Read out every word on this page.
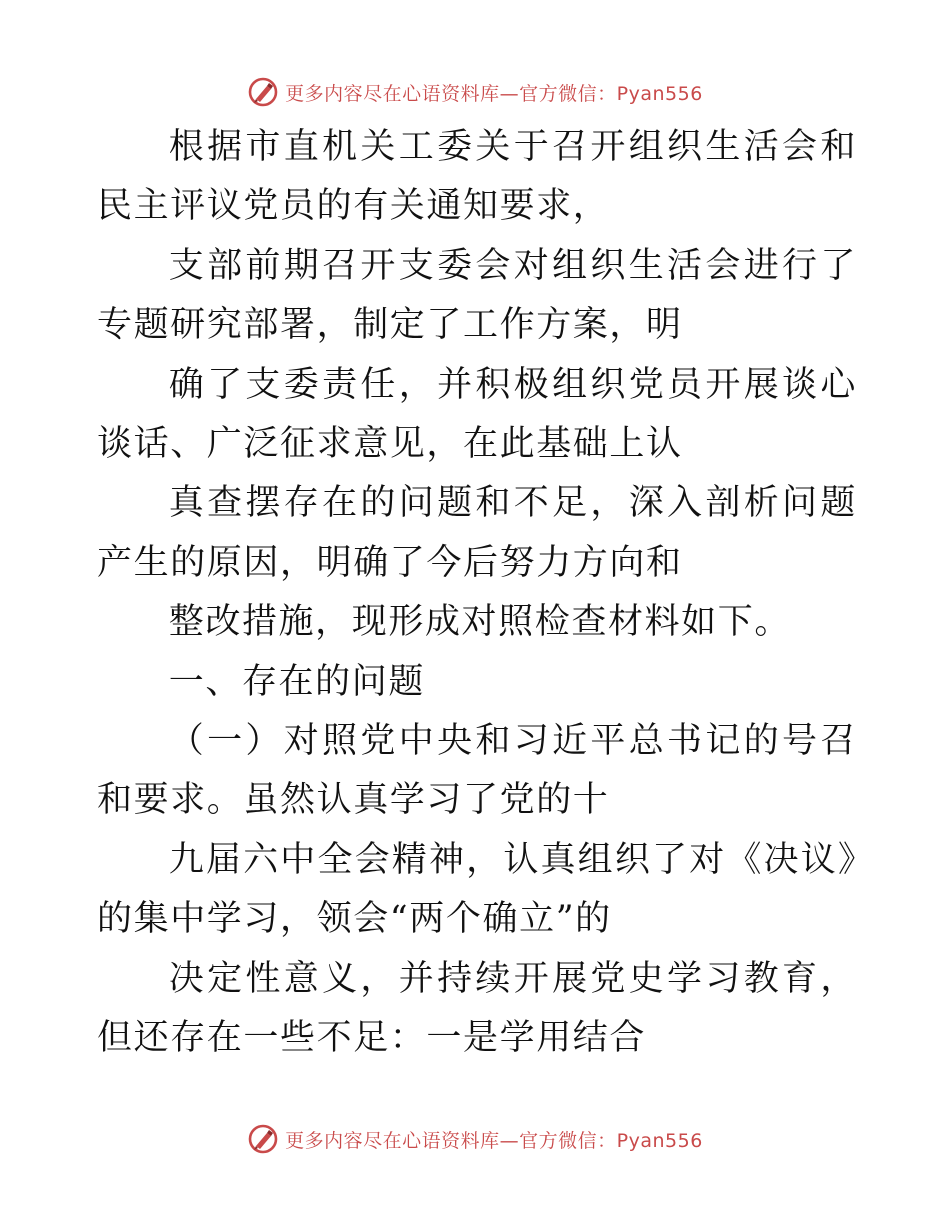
更多内容尽在心语资料库—官方微信：Pyan556

根据市直机关工委关于召开组织生活会和民主评议党员的有关通知要求，

支部前期召开支委会对组织生活会进行了专题研究部署，制定了工作方案，明

确了支委责任，并积极组织党员开展谈心谈话、广泛征求意见，在此基础上认

真查摆存在的问题和不足，深入剖析问题产生的原因，明确了今后努力方向和

整改措施，现形成对照检查材料如下。

一、存在的问题

（一）对照党中央和习近平总书记的号召和要求。虽然认真学习了党的十

九届六中全会精神，认真组织了对《决议》的集中学习，领会“两个确立”的

决定性意义，并持续开展党史学习教育，但还存在一些不足：一是学用结合

更多内容尽在心语资料库—官方微信：Pyan556
